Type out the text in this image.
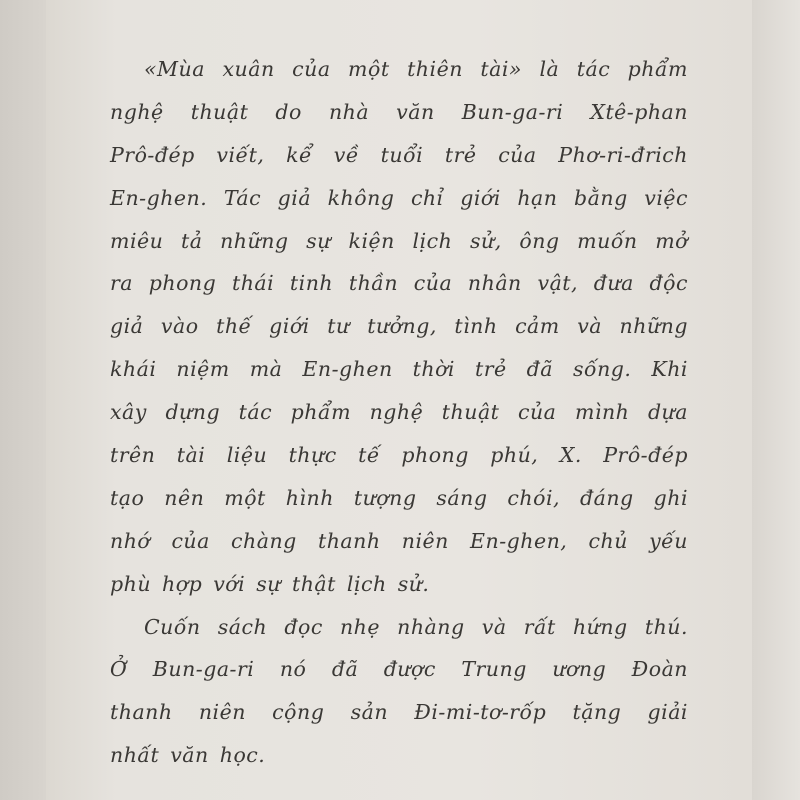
«Mùa xuân của một thiên tài» là tác phẩm
nghệ thuật do nhà văn Bun-ga-ri Xtê-phan
Prô-đép viết, kể về tuổi trẻ của Phơ-ri-đrich
En-ghen. Tác giả không chỉ giới hạn bằng việc
miêu tả những sự kiện lịch sử, ông muốn mở
ra phong thái tinh thần của nhân vật, đưa độc
giả vào thế giới tư tưởng, tình cảm và những
khái niệm mà En-ghen thời trẻ đã sống. Khi
xây dựng tác phẩm nghệ thuật của mình dựa
trên tài liệu thực tế phong phú, X. Prô-đép
tạo nên một hình tượng sáng chói, đáng ghi
nhớ của chàng thanh niên En-ghen, chủ yếu
phù hợp với sự thật lịch sử.
Cuốn sách đọc nhẹ nhàng và rất hứng thú.
Ở Bun-ga-ri nó đã được Trung ương Đoàn
thanh niên cộng sản Đi-mi-tơ-rốp tặng giải
nhất văn học.
